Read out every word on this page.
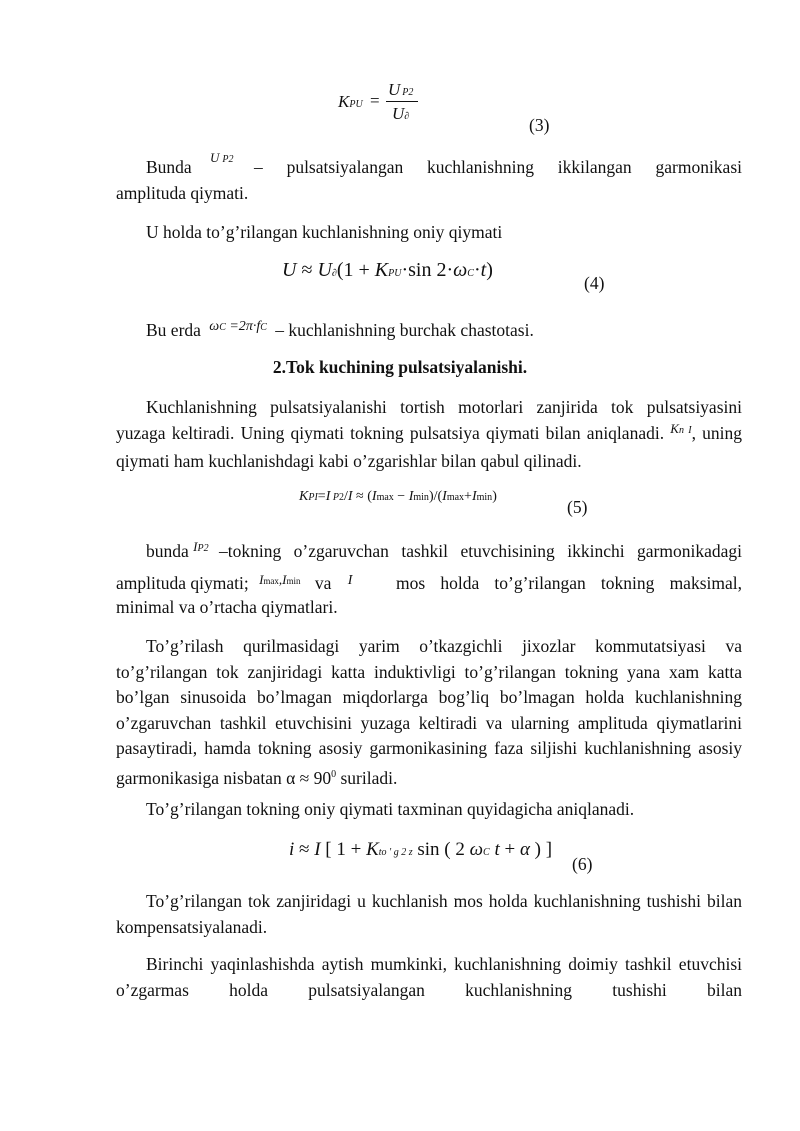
KPU =
U P2
U∂	(3)
Bunda	U P2 – pulsatsiyalangan kuchlanishning ikkilangan garmonikasi
amplituda qiymati.
U holda to’g’rilangan kuchlanishning oniy qiymati
U ≈ U∂(1 + KPU·sin 2·ωC·t)
(4)
Bu erda $^{\omega C =2\pi\cdot fC}$ – kuchlanishning burchak chastotasi.
2.Tok kuchining pulsatsiyalanishi.
Kuchlanishning pulsatsiyalanishi tortish motorlari zanjirida tok pulsatsiyasini yuzaga keltiradi. Uning qiymati tokning pulsatsiya qiymati bilan aniqlanadi. $^{Kп I}$, uning qiymati ham kuchlanishdagi kabi o’zgarishlar bilan qabul qilinadi.
KPI=I P2/I ≈ (Imax − Imin)/(Imax+Imin)
(5)
bunda $^{IP2}$ –tokning o’zgaruvchan tashkil etuvchisining ikkinchi garmonikadagi
amplituda qiymati; $^{Imax,Imin}$ va $^I$	mos holda to’g’rilangan tokning maksimal,
minimal va o’rtacha qiymatlari.
To’g’rilash qurilmasidagi yarim o’tkazgichli jixozlar kommutatsiyasi va to’g’rilangan tok zanjiridagi katta induktivligi to’g’rilangan tokning yana xam katta bo’lgan sinusoida bo’lmagan miqdorlarga bog’liq bo’lmagan holda kuchlanishning o’zgaruvchan tashkil etuvchisini yuzaga keltiradi va ularning amplituda qiymatlarini pasaytiradi, hamda tokning asosiy garmonikasining faza siljishi kuchlanishning asosiy garmonikasiga nisbatan $\alpha \approx 90^0$ suriladi.
To’g’rilangan tokning oniy qiymati taxminan quyidagicha aniqlanadi.
i ≈ I [ 1 + Kto ' g 2 z sin ( 2 ωC t + α ) ]
(6)
To’g’rilangan tok zanjiridagi u kuchlanish mos holda kuchlanishning tushishi bilan kompensatsiyalanadi.
Birinchi yaqinlashishda aytish mumkinki, kuchlanishning doimiy tashkil etuvchisi o’zgarmas holda pulsatsiyalangan kuchlanishning tushishi bilan
